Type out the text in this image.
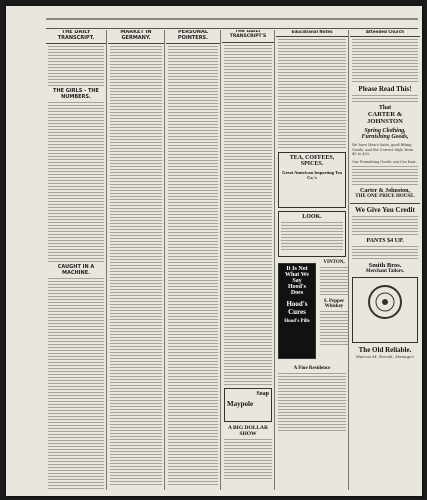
THE DAILY TRANSCRIPT.
THE GIRLS - THE NUMBERS.
CAUGHT IN A MACHINE.
MARKET IN GERMANY.
PERSONAL POINTERS.
THE DAILY TRANSCRIPT'S
Maypole
Soap
A BIG DOLLAR SHOW
Educational Notes
TEA, COFFEES, SPICES.
Great American Importing Tea Co.'s
LOOK.
It Is Not
What We Say
Hood's
Does
Hood's Cures
Hood's Pills
VINTON,
S. Pepper Whiskey
A Fine Residence
Attended Church
Please Read This!
That
CARTER & JOHNSTON
Spring Clothing,
Furnishing Goods,
We have Men's Suits, good fitting Goods, and the Correct Style from $5 to $30.
Our Furnishing Goods can't be beat.
Carter & Johnston,
THE ONE PRICE HOUSE.
We Give You Credit
PANTS $4 UP.
Smith Bros.
Merchant Tailors.
The Old Reliable.
Marcus M. Farrah, Manager.
